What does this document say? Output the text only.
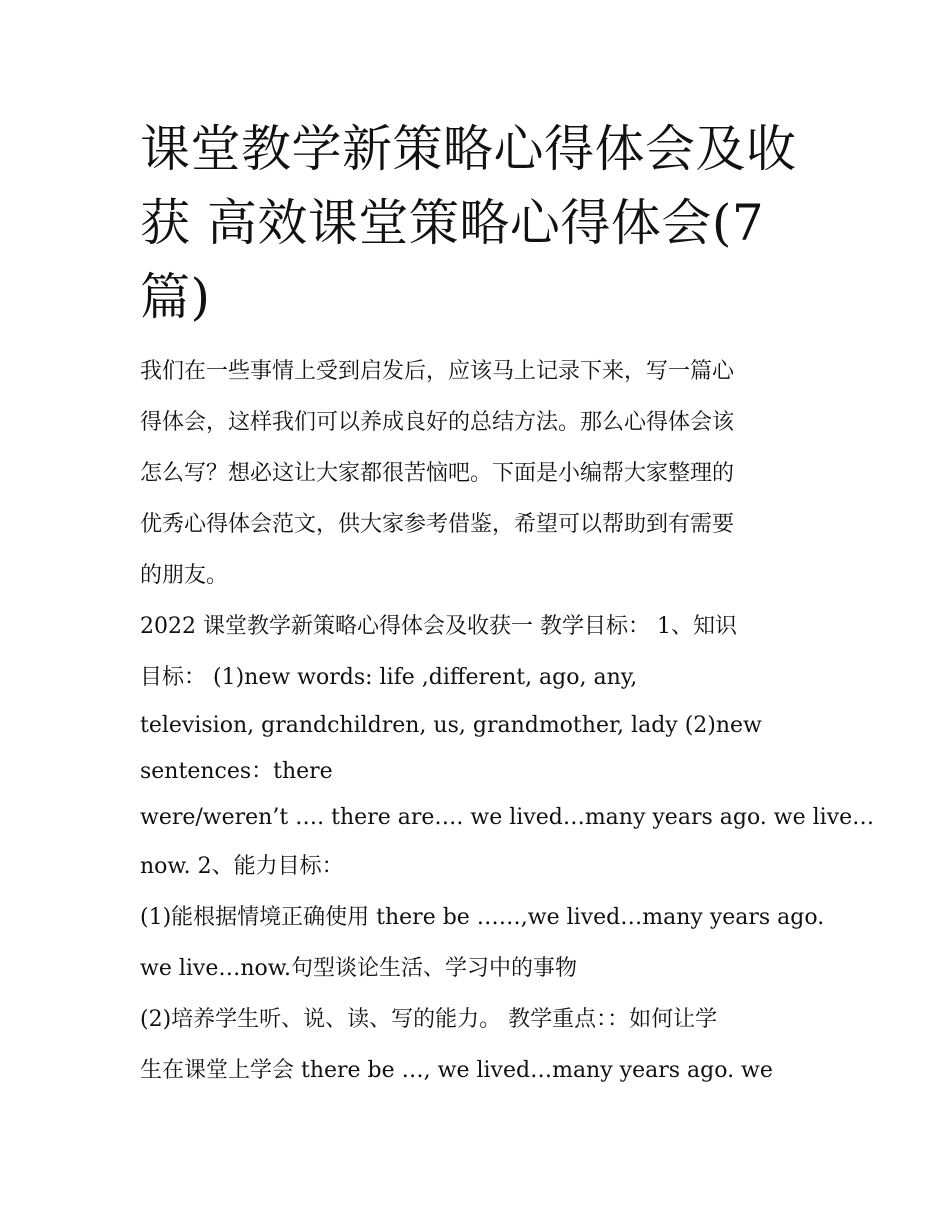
课堂教学新策略心得体会及收
获 高效课堂策略心得体会(7
篇)

我们在一些事情上受到启发后，应该马上记录下来，写一篇心
得体会，这样我们可以养成良好的总结方法。那么心得体会该
怎么写？想必这让大家都很苦恼吧。下面是小编帮大家整理的
优秀心得体会范文，供大家参考借鉴，希望可以帮助到有需要
的朋友。

2022 课堂教学新策略心得体会及收获一 教学目标： 1、知识
目标： (1)new words: life ,different, ago, any,
television, grandchildren, us, grandmother, lady (2)new
sentences：there
were/weren’t …. there are…. we lived…many years ago. we live…
now. 2、能力目标：
(1)能根据情境正确使用 there be ……,we lived…many years ago.
we live…now.句型谈论生活、学习中的事物
(2)培养学生听、说、读、写的能力。 教学重点：：如何让学
生在课堂上学会 there be …, we lived…many years ago. we
